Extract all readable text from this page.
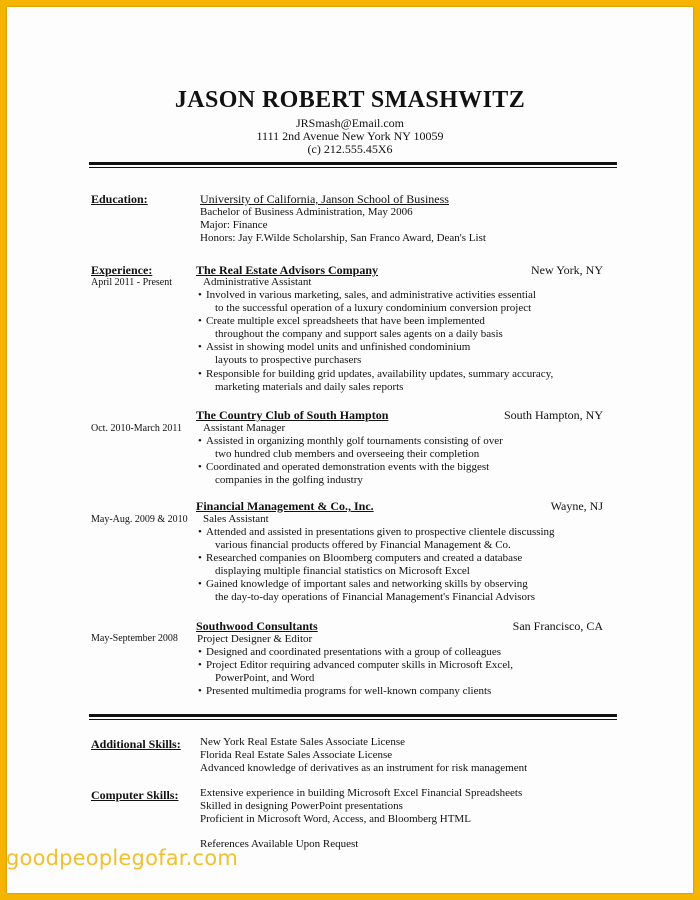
JASON ROBERT SMASHWITZ
JRSmash@Email.com
1111 2nd Avenue New York NY 10059
(c) 212.555.45X6
Education:	University of California, Janson School of Business
Bachelor of Business Administration, May 2006
Major: Finance
Honors: Jay F.Wilde Scholarship, San Franco Award, Dean's List
Experience:	The Real Estate Advisors Company	New York, NY
April 2011 - Present	Administrative Assistant
• Involved in various marketing, sales, and administrative activities essential
to the successful operation of a luxury condominium conversion project
• Create multiple excel spreadsheets that have been implemented
throughout the company and support sales agents on a daily basis
• Assist in showing model units and unfinished condominium
layouts to prospective purchasers
• Responsible for building grid updates, availability updates, summary accuracy,
marketing materials and daily sales reports
The Country Club of South Hampton	South Hampton, NY
Oct. 2010-March 2011 Assistant Manager
• Assisted in organizing monthly golf tournaments consisting of over
two hundred club members and overseeing their completion
• Coordinated and operated demonstration events with the biggest
companies in the golfing industry
Financial Management & Co., Inc.	Wayne, NJ
May-Aug. 2009 & 2010 Sales Assistant
• Attended and assisted in presentations given to prospective clientele discussing
various financial products offered by Financial Management & Co.
• Researched companies on Bloomberg computers and created a database
displaying multiple financial statistics on Microsoft Excel
• Gained knowledge of important sales and networking skills by observing
the day-to-day operations of Financial Management's Financial Advisors
Southwood Consultants	San Francisco, CA
May-September 2008 Project Designer & Editor
• Designed and coordinated presentations with a group of colleagues
• Project Editor requiring advanced computer skills in Microsoft Excel,
PowerPoint, and Word
• Presented multimedia programs for well-known company clients
Additional Skills: New York Real Estate Sales Associate License
Florida Real Estate Sales Associate License
Advanced knowledge of derivatives as an instrument for risk management
Computer Skills: Extensive experience in building Microsoft Excel Financial Spreadsheets
Skilled in designing PowerPoint presentations
Proficient in Microsoft Word, Access, and Bloomberg HTML
References Available Upon Request
goodpeoplegofar.com
